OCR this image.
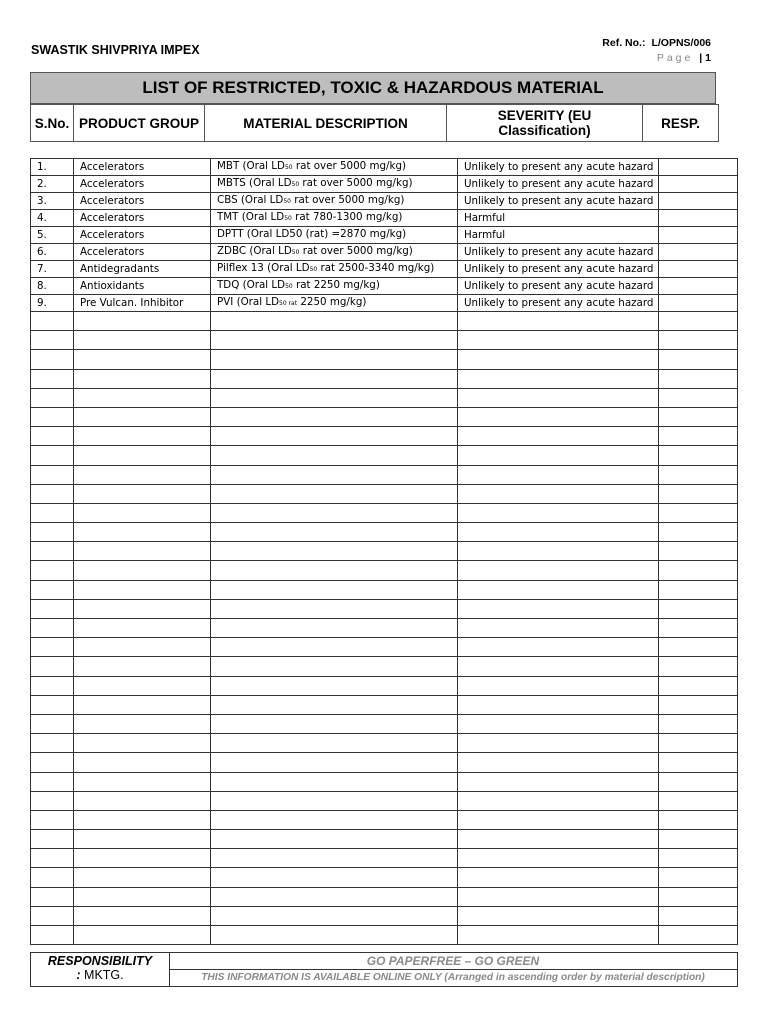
SWASTIK SHIVPRIYA IMPEX	Ref. No.: L/OPNS/006
Page | 1
LIST OF RESTRICTED, TOXIC & HAZARDOUS MATERIAL
S.No.	PRODUCT GROUP	MATERIAL DESCRIPTION	SEVERITY (EU
Classification)	RESP.
1.	Accelerators	MBT (Oral LD50 rat over 5000 mg/kg)	Unlikely to present any acute hazard	
2.	Accelerators	MBTS (Oral LD50 rat over 5000 mg/kg)	Unlikely to present any acute hazard	
3.	Accelerators	CBS (Oral LD50 rat over 5000 mg/kg)	Unlikely to present any acute hazard	
4.	Accelerators	TMT (Oral LD50 rat 780-1300 mg/kg)	Harmful	
5.	Accelerators	DPTT (Oral LD50 (rat) =2870 mg/kg)	Harmful	
6.	Accelerators	ZDBC (Oral LD50 rat over 5000 mg/kg)	Unlikely to present any acute hazard	
7.	Antidegradants	Pilflex 13 (Oral LD50 rat 2500-3340 mg/kg)	Unlikely to present any acute hazard	
8.	Antioxidants	TDQ (Oral LD50 rat 2250 mg/kg)	Unlikely to present any acute hazard	
9.	Pre Vulcan. Inhibitor	PVI (Oral LD50 rat 2250 mg/kg)	Unlikely to present any acute hazard	

RESPONSIBILITY
: MKTG.
GO PAPERFREE – GO GREEN
THIS INFORMATION IS AVAILABLE ONLINE ONLY (Arranged in ascending order by material description)
